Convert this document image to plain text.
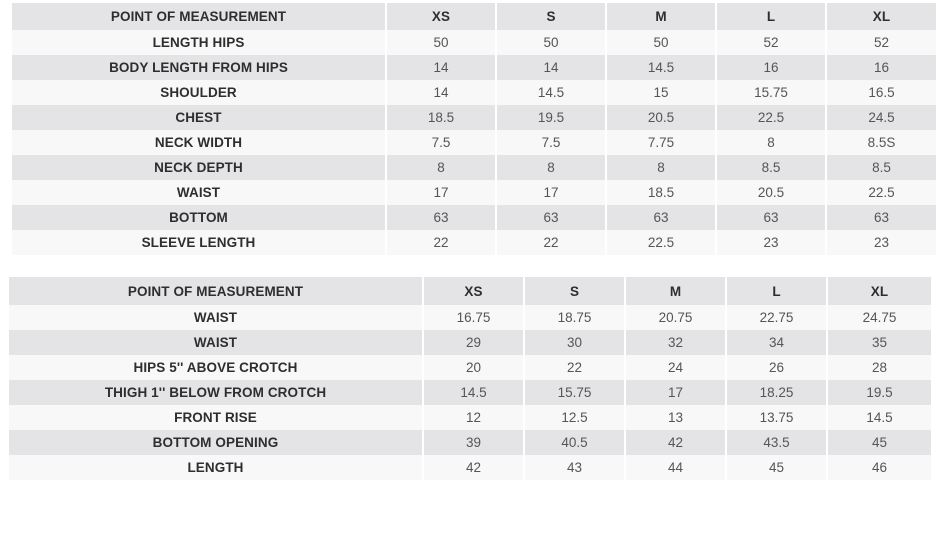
POINT OF MEASUREMENT	XS	S	M	L	XL
LENGTH HIPS	50	50	50	52	52
BODY LENGTH FROM HIPS	14	14	14.5	16	16
SHOULDER	14	14.5	15	15.75	16.5
CHEST	18.5	19.5	20.5	22.5	24.5
NECK WIDTH	7.5	7.5	7.75	8	8.5S
NECK DEPTH	8	8	8	8.5	8.5
WAIST	17	17	18.5	20.5	22.5
BOTTOM	63	63	63	63	63
SLEEVE LENGTH	22	22	22.5	23	23
POINT OF MEASUREMENT	XS	S	M	L	XL
WAIST	16.75	18.75	20.75	22.75	24.75
WAIST	29	30	32	34	35
HIPS 5'' ABOVE CROTCH	20	22	24	26	28
THIGH 1'' BELOW FROM CROTCH	14.5	15.75	17	18.25	19.5
FRONT RISE	12	12.5	13	13.75	14.5
BOTTOM OPENING	39	40.5	42	43.5	45
LENGTH	42	43	44	45	46
